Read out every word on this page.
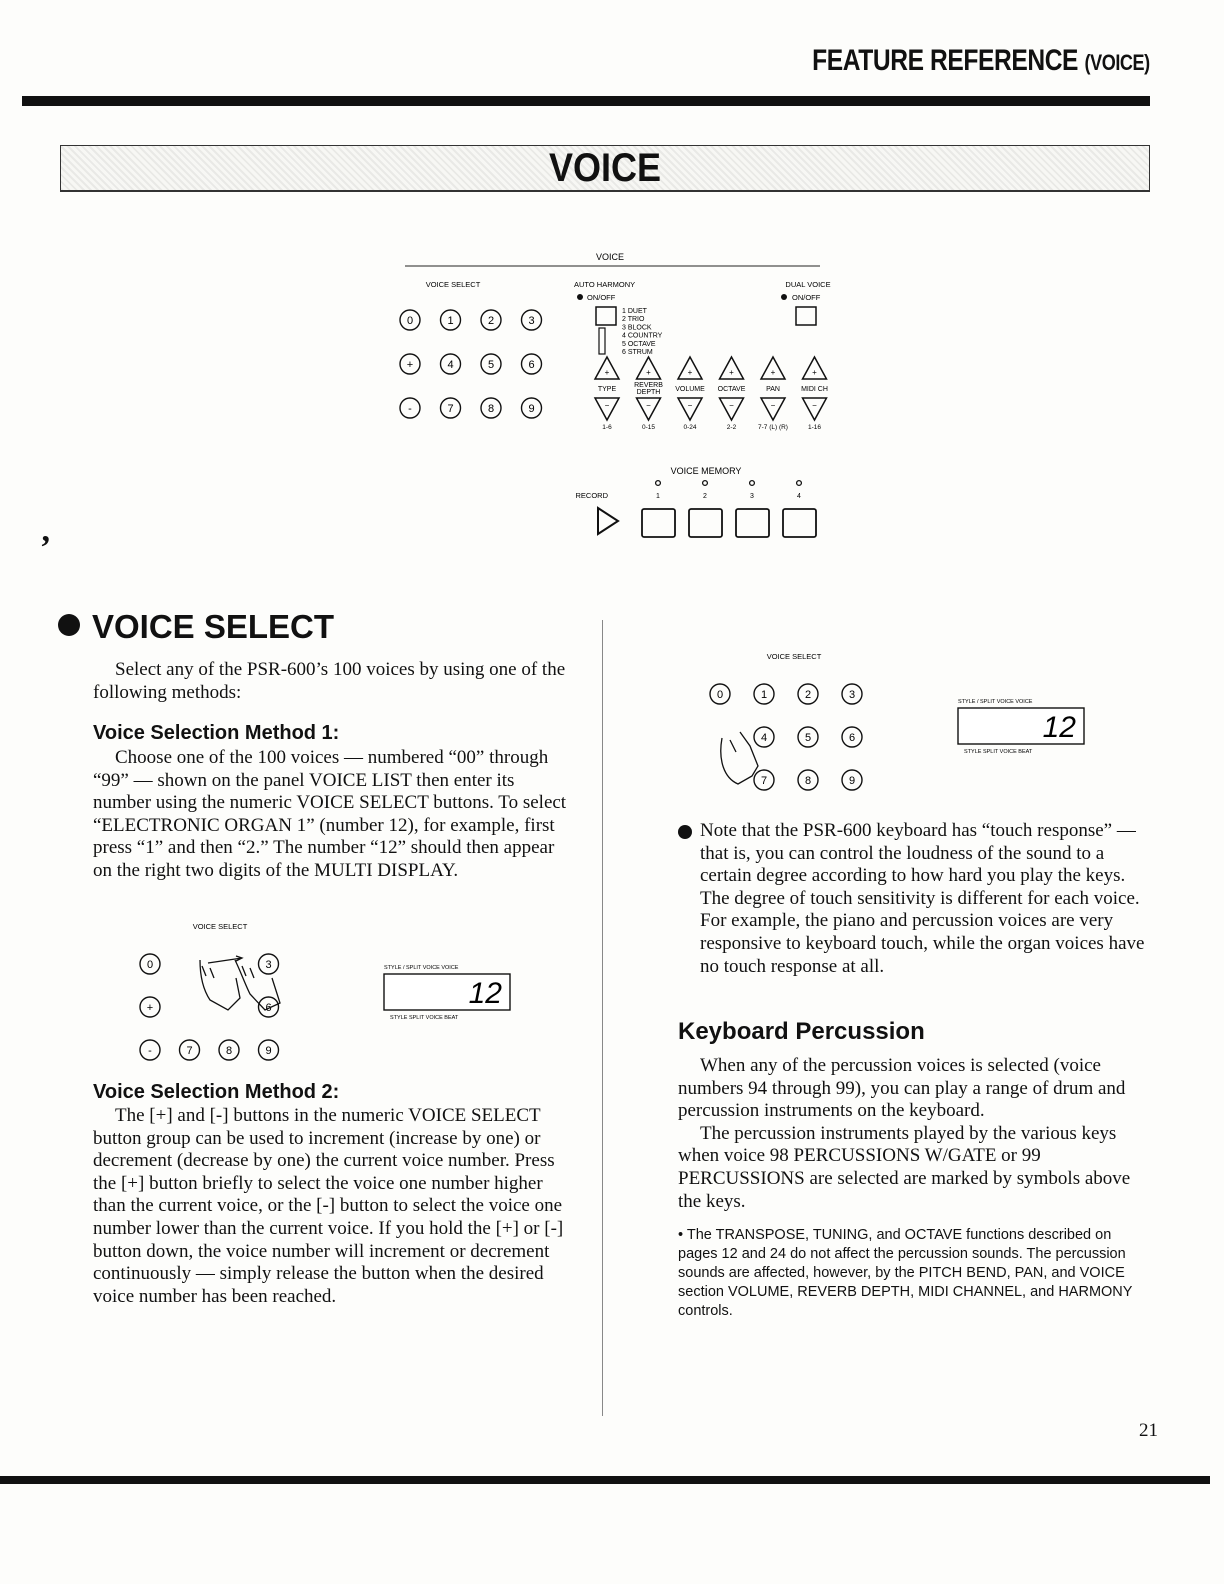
FEATURE REFERENCE (VOICE)
VOICE
VOICE
VOICE SELECT
0	1	2	3
+	4	5	6
-	7	8	9
AUTO HARMONY
ON/OFF
1 DUET
2 TRIO
3 BLOCK
4 COUNTRY
5 OCTAVE
6 STRUM
DUAL VOICE
ON/OFF
+
TYPE
−
1-6
+
REVERB
DEPTH
−
0-15
+
VOLUME
−
0-24
+
OCTAVE
−
2-2
+
PAN
−
7-7 (L) (R)
+
MIDI CH
−
1-16
VOICE MEMORY
RECORD	1	2	3	4
‚
VOICE SELECT

Select any of the PSR-600’s 100 voices by using one of the following methods:

Voice Selection Method 1:

Choose one of the 100 voices — numbered “00” through “99” — shown on the panel VOICE LIST then enter its number using the numeric VOICE SELECT buttons. To select “ELECTRONIC ORGAN 1” (number 12), for example, first press “1” and then “2.” The number “12” should then appear on the right two digits of the MULTI DISPLAY.

VOICE SELECT
0	3
+	6
-	7	8	9
STYLE / SPLIT VOICE VOICE
12
STYLE SPLIT VOICE BEAT
Voice Selection Method 2:

The [+] and [-] buttons in the numeric VOICE SELECT button group can be used to increment (increase by one) or decrement (decrease by one) the current voice number. Press the [+] button briefly to select the voice one number higher than the current voice, or the [-] button to select the voice one number lower than the current voice. If you hold the [+] or [-] button down, the voice number will increment or decrement continuously — simply release the button when the desired voice number has been reached.

VOICE SELECT
0	1	2	3
4	5	6
7	8	9
STYLE / SPLIT VOICE VOICE
12
STYLE SPLIT VOICE BEAT
Note that the PSR-600 keyboard has “touch response” — that is, you can control the loudness of the sound to a certain degree according to how hard you play the keys. The degree of touch sensitivity is different for each voice. For example, the piano and percussion voices are very responsive to keyboard touch, while the organ voices have no touch response at all.
Keyboard Percussion

When any of the percussion voices is selected (voice numbers 94 through 99), you can play a range of drum and percussion instruments on the keyboard.

The percussion instruments played by the various keys when voice 98 PERCUSSIONS W/GATE or 99 PERCUSSIONS are selected are marked by symbols above the keys.

• The TRANSPOSE, TUNING, and OCTAVE functions described on pages 12 and 24 do not affect the percussion sounds. The percussion sounds are affected, however, by the PITCH BEND, PAN, and VOICE section VOLUME, REVERB DEPTH, MIDI CHANNEL, and HARMONY controls.
21
